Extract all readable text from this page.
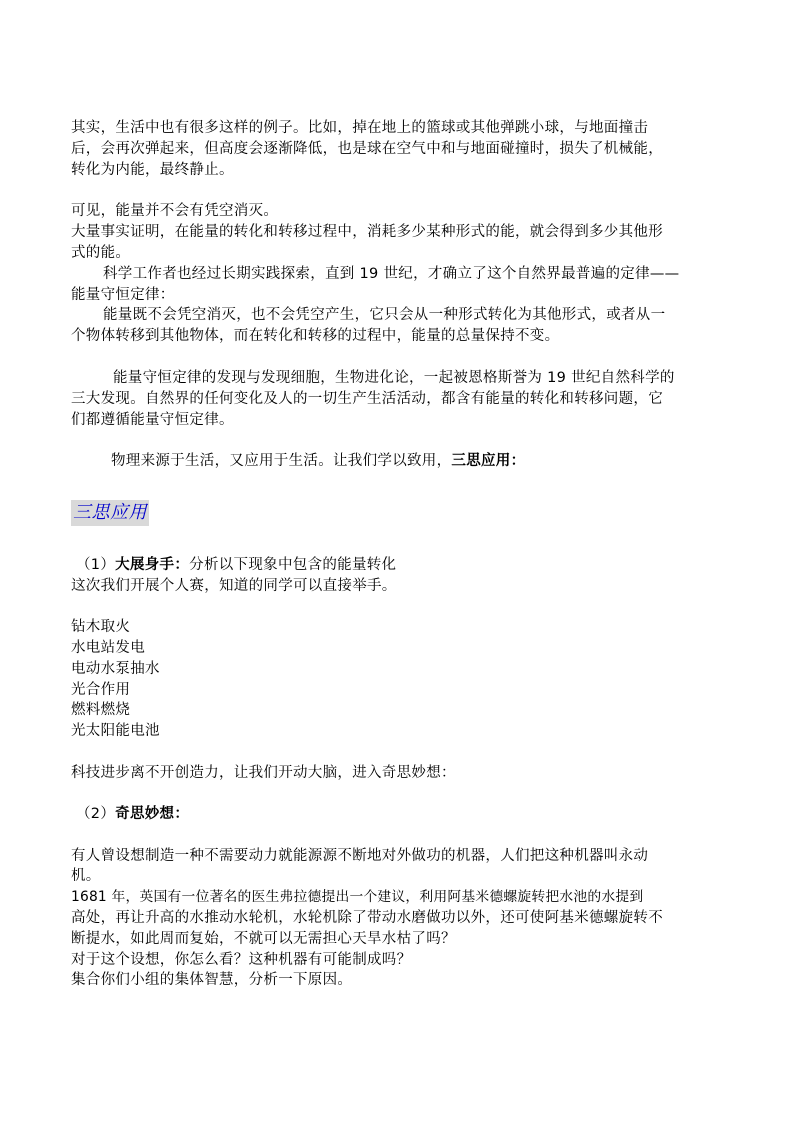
其实，生活中也有很多这样的例子。比如，掉在地上的篮球或其他弹跳小球，与地面撞击
后，会再次弹起来，但高度会逐渐降低，也是球在空气中和与地面碰撞时，损失了机械能，
转化为内能，最终静止。
可见，能量并不会有凭空消灭。
大量事实证明，在能量的转化和转移过程中，消耗多少某种形式的能，就会得到多少其他形
式的能。
科学工作者也经过长期实践探索，直到 19 世纪，才确立了这个自然界最普遍的定律——
能量守恒定律：
能量既不会凭空消灭，也不会凭空产生，它只会从一种形式转化为其他形式，或者从一
个物体转移到其他物体，而在转化和转移的过程中，能量的总量保持不变。
能量守恒定律的发现与发现细胞，生物进化论，一起被恩格斯誉为 19 世纪自然科学的
三大发现。自然界的任何变化及人的一切生产生活活动，都含有能量的转化和转移问题，它
们都遵循能量守恒定律。
物理来源于生活，又应用于生活。让我们学以致用，三思应用：
三思应用
（1）大展身手：分析以下现象中包含的能量转化
这次我们开展个人赛，知道的同学可以直接举手。
钻木取火
水电站发电
电动水泵抽水
光合作用
燃料燃烧
光太阳能电池
科技进步离不开创造力，让我们开动大脑，进入奇思妙想：
（2）奇思妙想：
有人曾设想制造一种不需要动力就能源源不断地对外做功的机器，人们把这种机器叫永动
机。
1681 年，英国有一位著名的医生弗拉德提出一个建议，利用阿基米德螺旋转把水池的水提到
高处，再让升高的水推动水轮机，水轮机除了带动水磨做功以外，还可使阿基米德螺旋转不
断提水，如此周而复始，不就可以无需担心天旱水枯了吗？
对于这个设想，你怎么看？这种机器有可能制成吗？
集合你们小组的集体智慧，分析一下原因。
